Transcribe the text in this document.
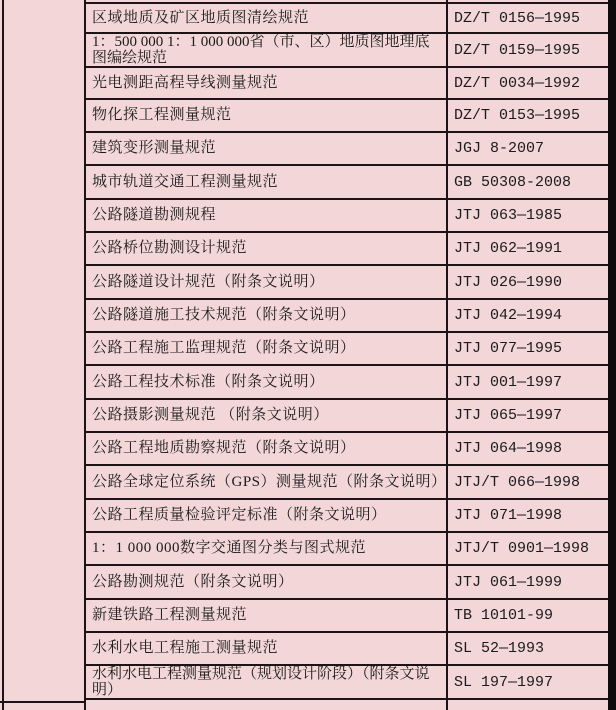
区域地质及矿区地质图清绘规范	DZ/T 0156—1995
1：500 000 1：1 000 000省（市、区）地质图地理底图编绘规范	DZ/T 0159—1995
光电测距高程导线测量规范	DZ/T 0034—1992
物化探工程测量规范	DZ/T 0153—1995
建筑变形测量规范	JGJ 8-2007
城市轨道交通工程测量规范	GB 50308-2008
公路隧道勘测规程	JTJ 063—1985
公路桥位勘测设计规范	JTJ 062—1991
公路隧道设计规范（附条文说明）	JTJ 026—1990
公路隧道施工技术规范（附条文说明）	JTJ 042—1994
公路工程施工监理规范（附条文说明）	JTJ 077—1995
公路工程技术标准（附条文说明）	JTJ 001—1997
公路摄影测量规范 （附条文说明）	JTJ 065—1997
公路工程地质勘察规范（附条文说明）	JTJ 064—1998
公路全球定位系统（GPS）测量规范（附条文说明） JTJ/T 066—1998
公路工程质量检验评定标准（附条文说明）	JTJ 071—1998
1：1 000 000数字交通图分类与图式规范	JTJ/T 0901—1998
公路勘测规范（附条文说明）	JTJ 061—1999
新建铁路工程测量规范	TB 10101-99
水利水电工程施工测量规范	SL 52—1993
水利水电工程测量规范（规划设计阶段）（附条文说明）	SL 197—1997
